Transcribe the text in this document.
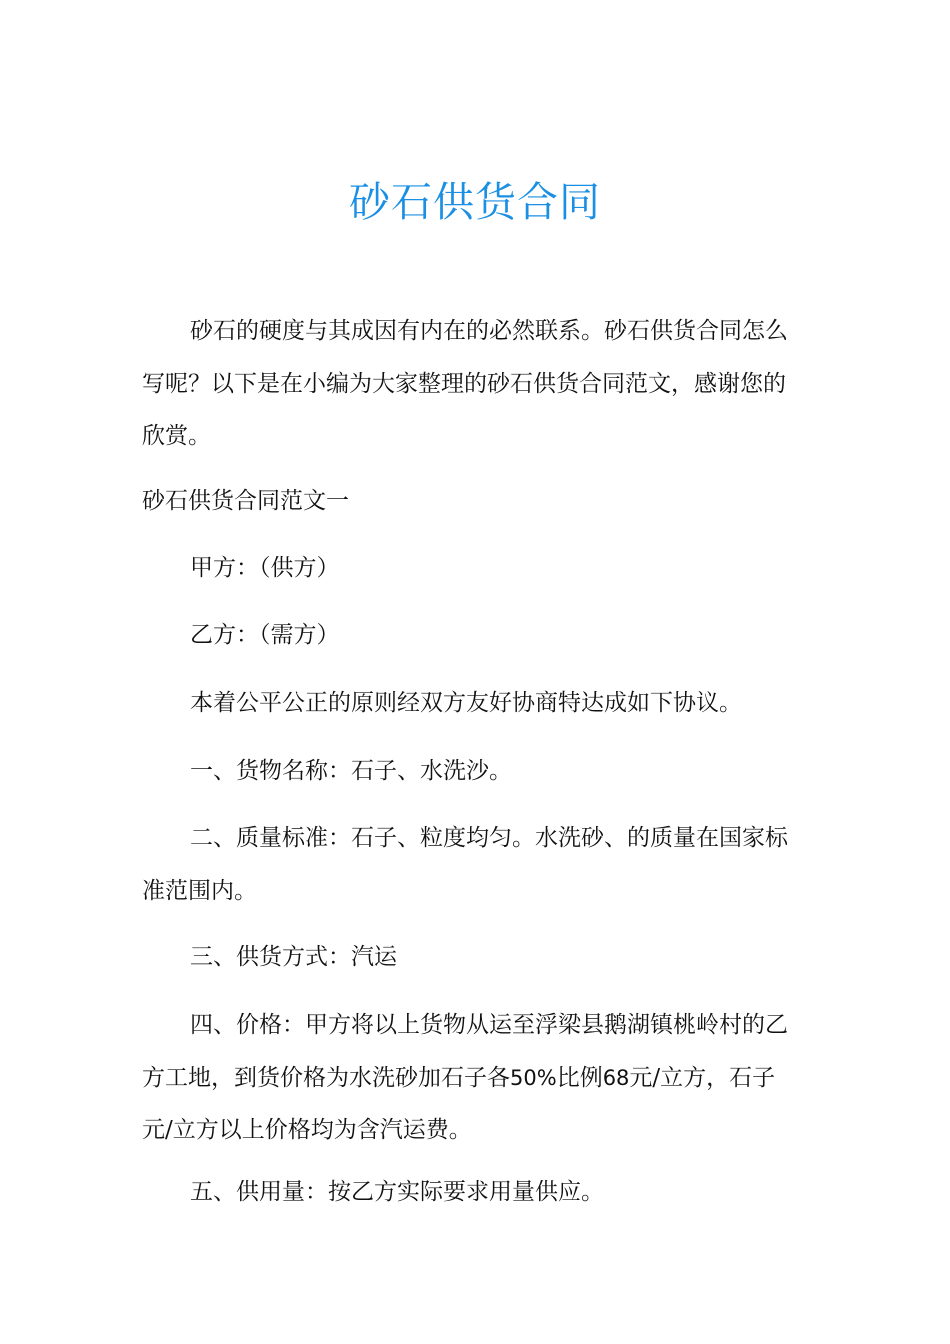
砂石供货合同
砂石的硬度与其成因有内在的必然联系。砂石供货合同怎么
写呢？以下是在小编为大家整理的砂石供货合同范文，感谢您的
欣赏。
砂石供货合同范文一
甲方：（供方）
乙方：（需方）
本着公平公正的原则经双方友好协商特达成如下协议。
一、货物名称：石子、水洗沙。
二、质量标准：石子、粒度均匀。水洗砂、的质量在国家标
准范围内。
三、供货方式：汽运
四、价格：甲方将以上货物从运至浮梁县鹅湖镇桃岭村的乙
方工地，到货价格为水洗砂加石子各50%比例68元/立方，石子
元/立方以上价格均为含汽运费。
五、供用量：按乙方实际要求用量供应。
